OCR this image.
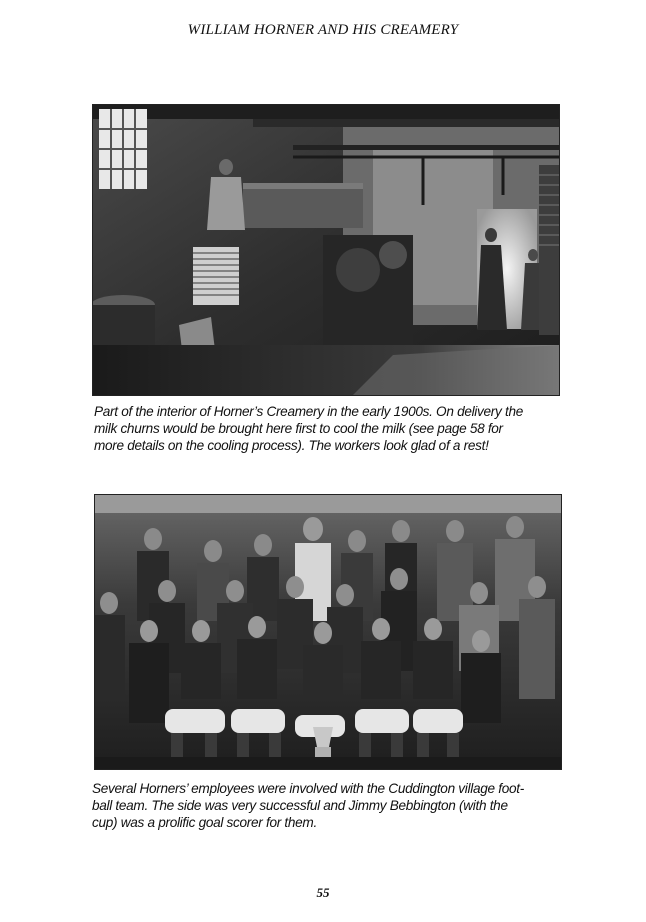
WILLIAM HORNER AND HIS CREAMERY
Part of the interior of Horner’s Creamery in the early 1900s. On delivery the
milk churns would be brought here first to cool the milk (see page 58 for
more details on the cooling process). The workers look glad of a rest!
Several Horners’ employees were involved with the Cuddington village foot-
ball team. The side was very successful and Jimmy Bebbington (with the
cup) was a prolific goal scorer for them.
55
